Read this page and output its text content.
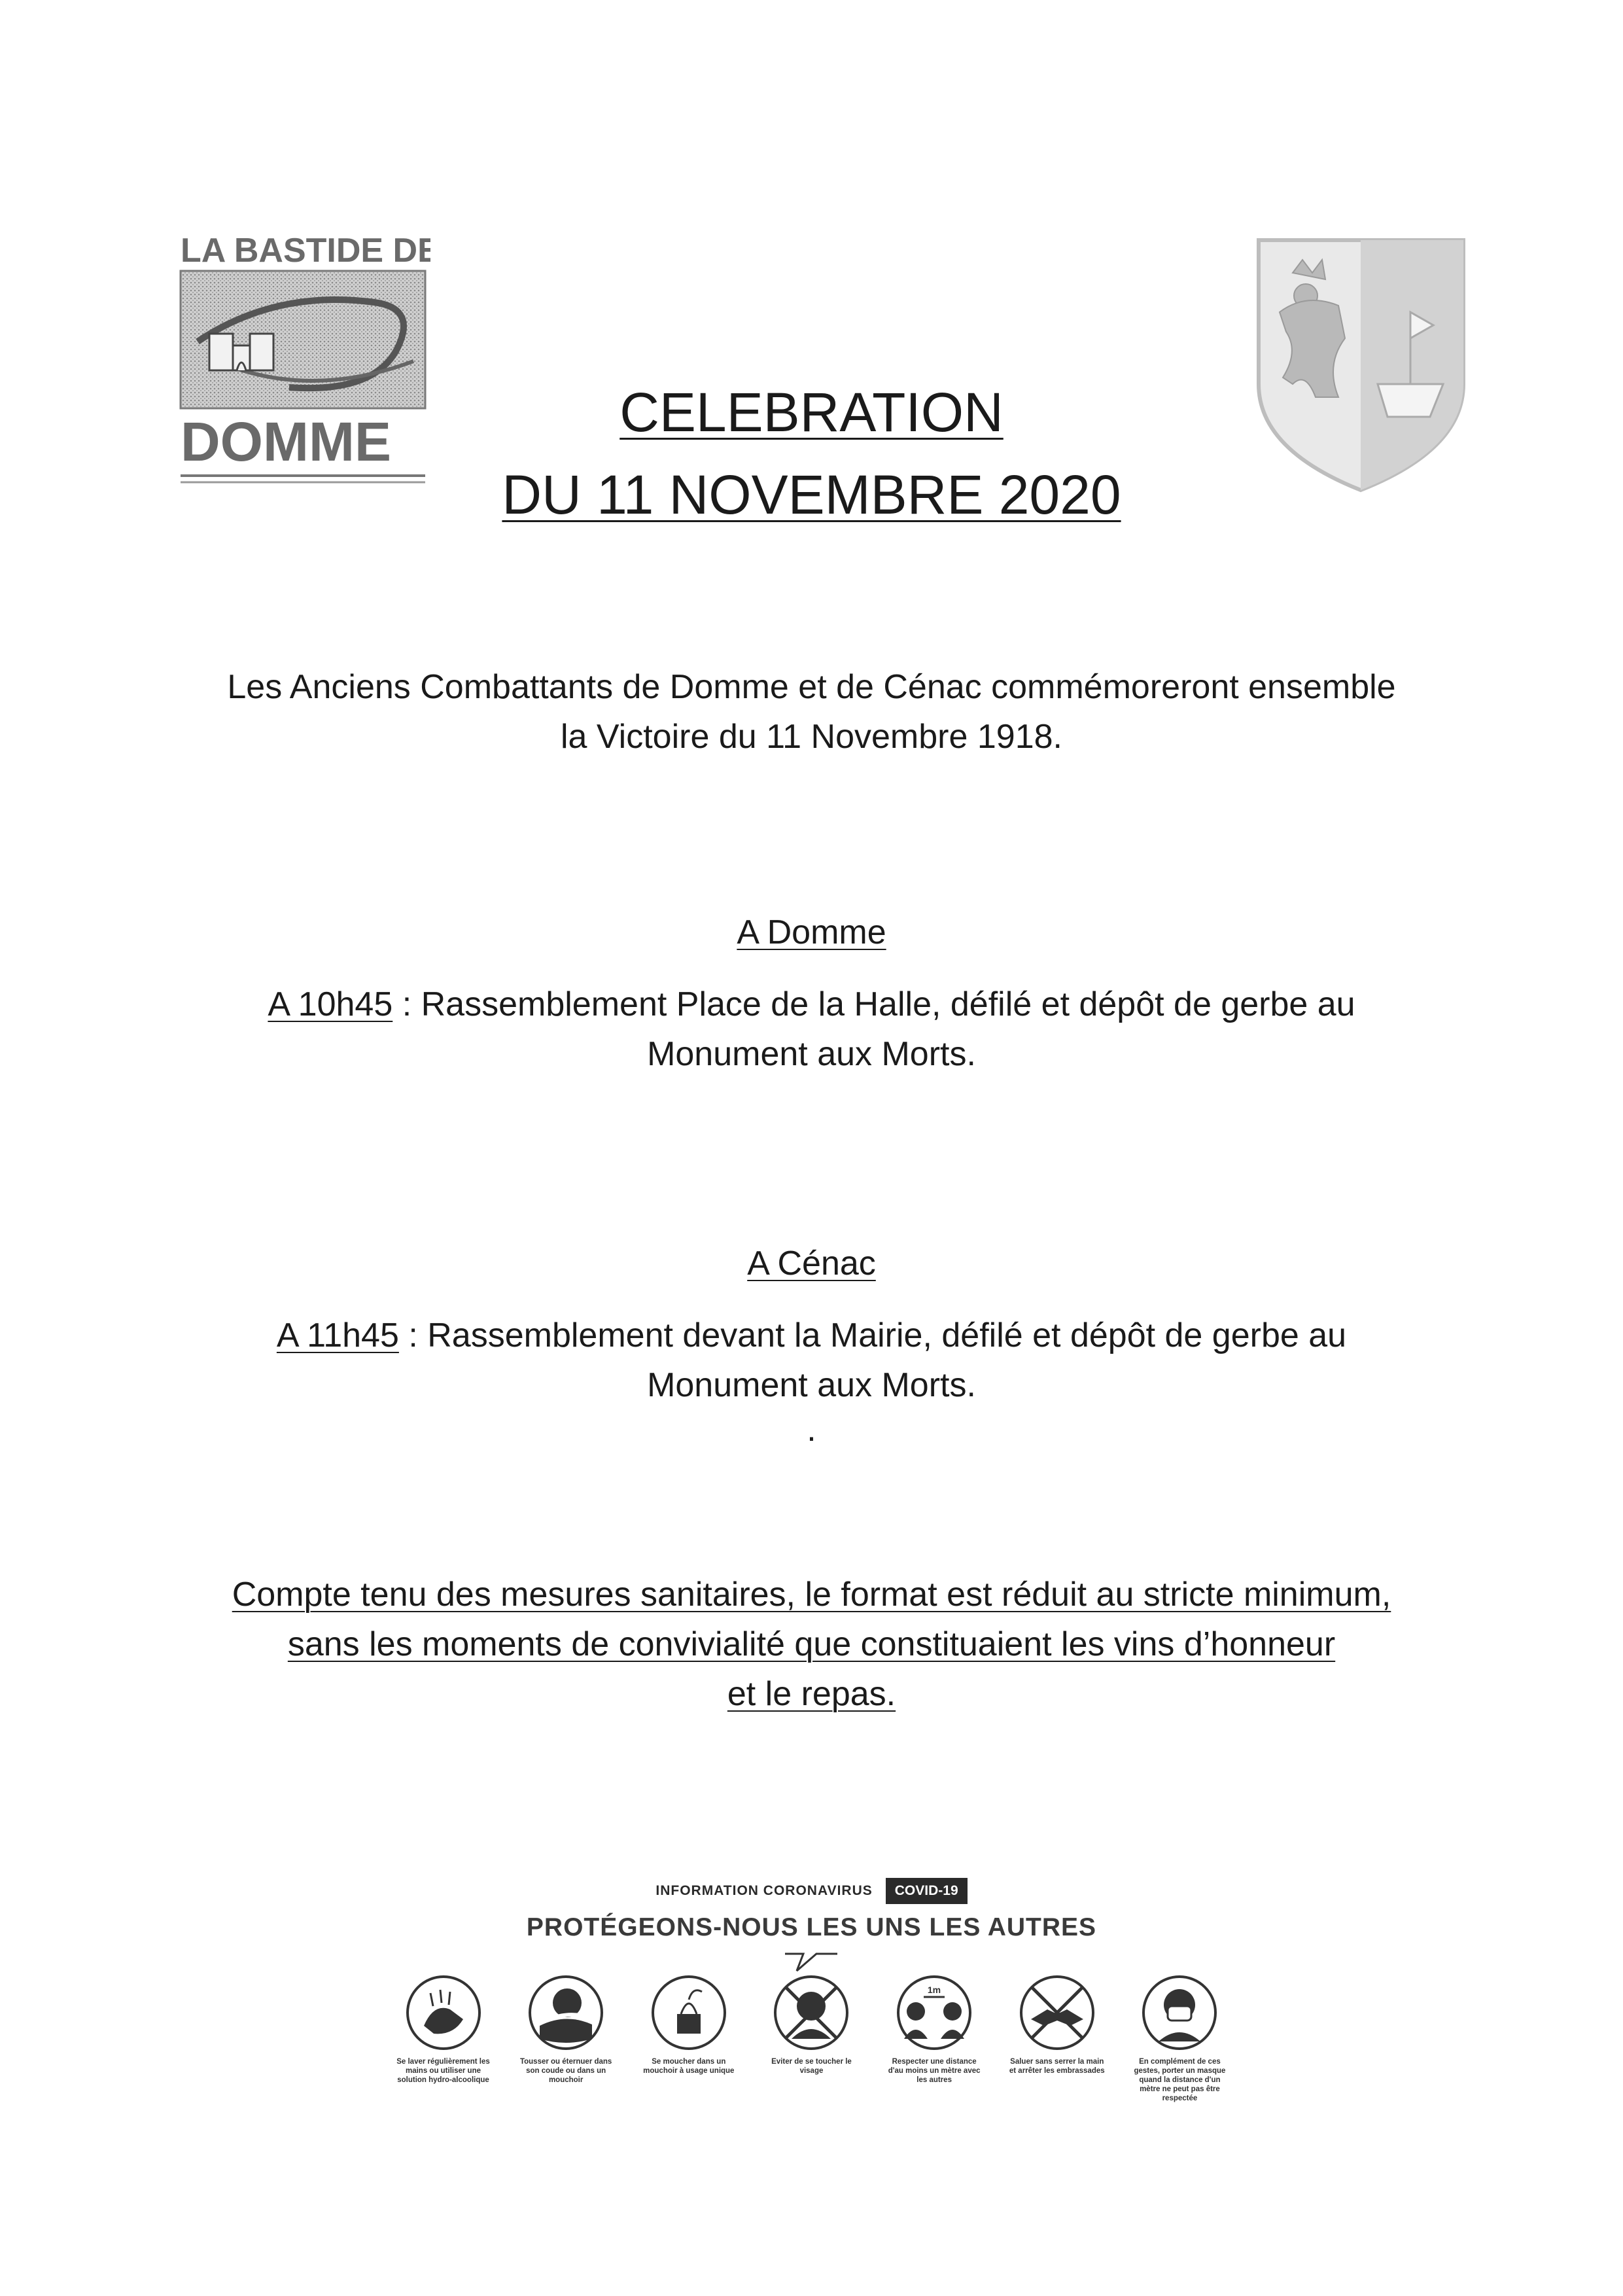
LA BASTIDE DE
DOMME	CELEBRATION
DU 11 NOVEMBRE 2020
Les Anciens Combattants de Domme et de Cénac commémoreront ensemble
la Victoire du 11 Novembre 1918.
A Domme
A 10h45 : Rassemblement Place de la Halle, défilé et dépôt de gerbe au
Monument aux Morts.
A Cénac
A 11h45 : Rassemblement devant la Mairie, défilé et dépôt de gerbe au
Monument aux Morts.
.
Compte tenu des mesures sanitaires, le format est réduit au stricte minimum,
sans les moments de convivialité que constituaient les vins d’honneur
et le repas.
INFORMATION CORONAVIRUS	COVID-19
PROTÉGEONS-NOUS LES UNS LES AUTRES
Se laver régulièrement les mains ou utiliser une solution hydro-alcoolique
Tousser ou éternuer dans son coude ou dans un mouchoir
Se moucher dans un mouchoir à usage unique
Eviter de se toucher le visage
1m
Respecter une distance d'au moins un mètre avec les autres
Saluer sans serrer la main et arrêter les embrassades
En complément de ces gestes, porter un masque quand la distance d'un mètre ne peut pas être respectée
